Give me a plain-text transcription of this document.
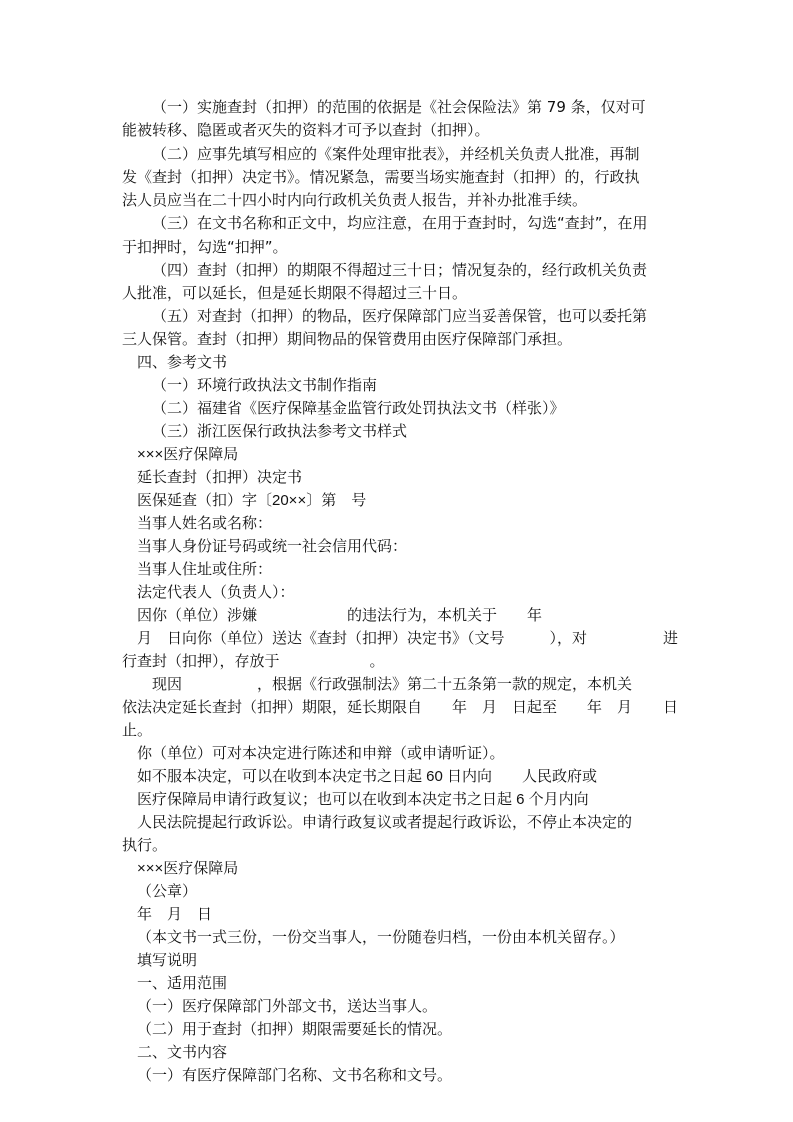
（一）实施查封（扣押）的范围的依据是《社会保险法》第 79 条，仅对可
能被转移、隐匿或者灭失的资料才可予以查封（扣押）。
（二）应事先填写相应的《案件处理审批表》，并经机关负责人批准，再制
发《查封（扣押）决定书》。情况紧急，需要当场实施查封（扣押）的，行政执
法人员应当在二十四小时内向行政机关负责人报告，并补办批准手续。
（三）在文书名称和正文中，均应注意，在用于查封时，勾选“查封”，在用
于扣押时，勾选“扣押”。
（四）查封（扣押）的期限不得超过三十日；情况复杂的，经行政机关负责
人批准，可以延长，但是延长期限不得超过三十日。
（五）对查封（扣押）的物品，医疗保障部门应当妥善保管，也可以委托第
三人保管。查封（扣押）期间物品的保管费用由医疗保障部门承担。
四、参考文书
（一）环境行政执法文书制作指南
（二）福建省《医疗保障基金监管行政处罚执法文书（样张）》
（三）浙江医保行政执法参考文书样式
×××医疗保障局
延长查封（扣押）决定书
医保延查（扣）字〔20××〕第　号
当事人姓名或名称：
当事人身份证号码或统一社会信用代码：
当事人住址或住所：
法定代表人（负责人）：
因你（单位）涉嫌　　　　　　的违法行为，本机关于　　年
月　日向你（单位）送达《查封（扣押）决定书》（文号　　　），对	进
行查封（扣押），存放于　　　　　　。
现因　　　　　，根据《行政强制法》第二十五条第一款的规定，本机关
依法决定延长查封（扣押）期限，延长期限自　　年　月　日起至　　年　月 日
止。
你（单位）可对本决定进行陈述和申辩（或申请听证）。
如不服本决定，可以在收到本决定书之日起 60 日内向　　人民政府或
医疗保障局申请行政复议；也可以在收到本决定书之日起 6 个月内向
人民法院提起行政诉讼。申请行政复议或者提起行政诉讼，不停止本决定的
执行。
×××医疗保障局
（公章）
年　月　日
（本文书一式三份，一份交当事人，一份随卷归档，一份由本机关留存。）
填写说明
一、适用范围
（一）医疗保障部门外部文书，送达当事人。
（二）用于查封（扣押）期限需要延长的情况。
二、文书内容
（一）有医疗保障部门名称、文书名称和文号。
